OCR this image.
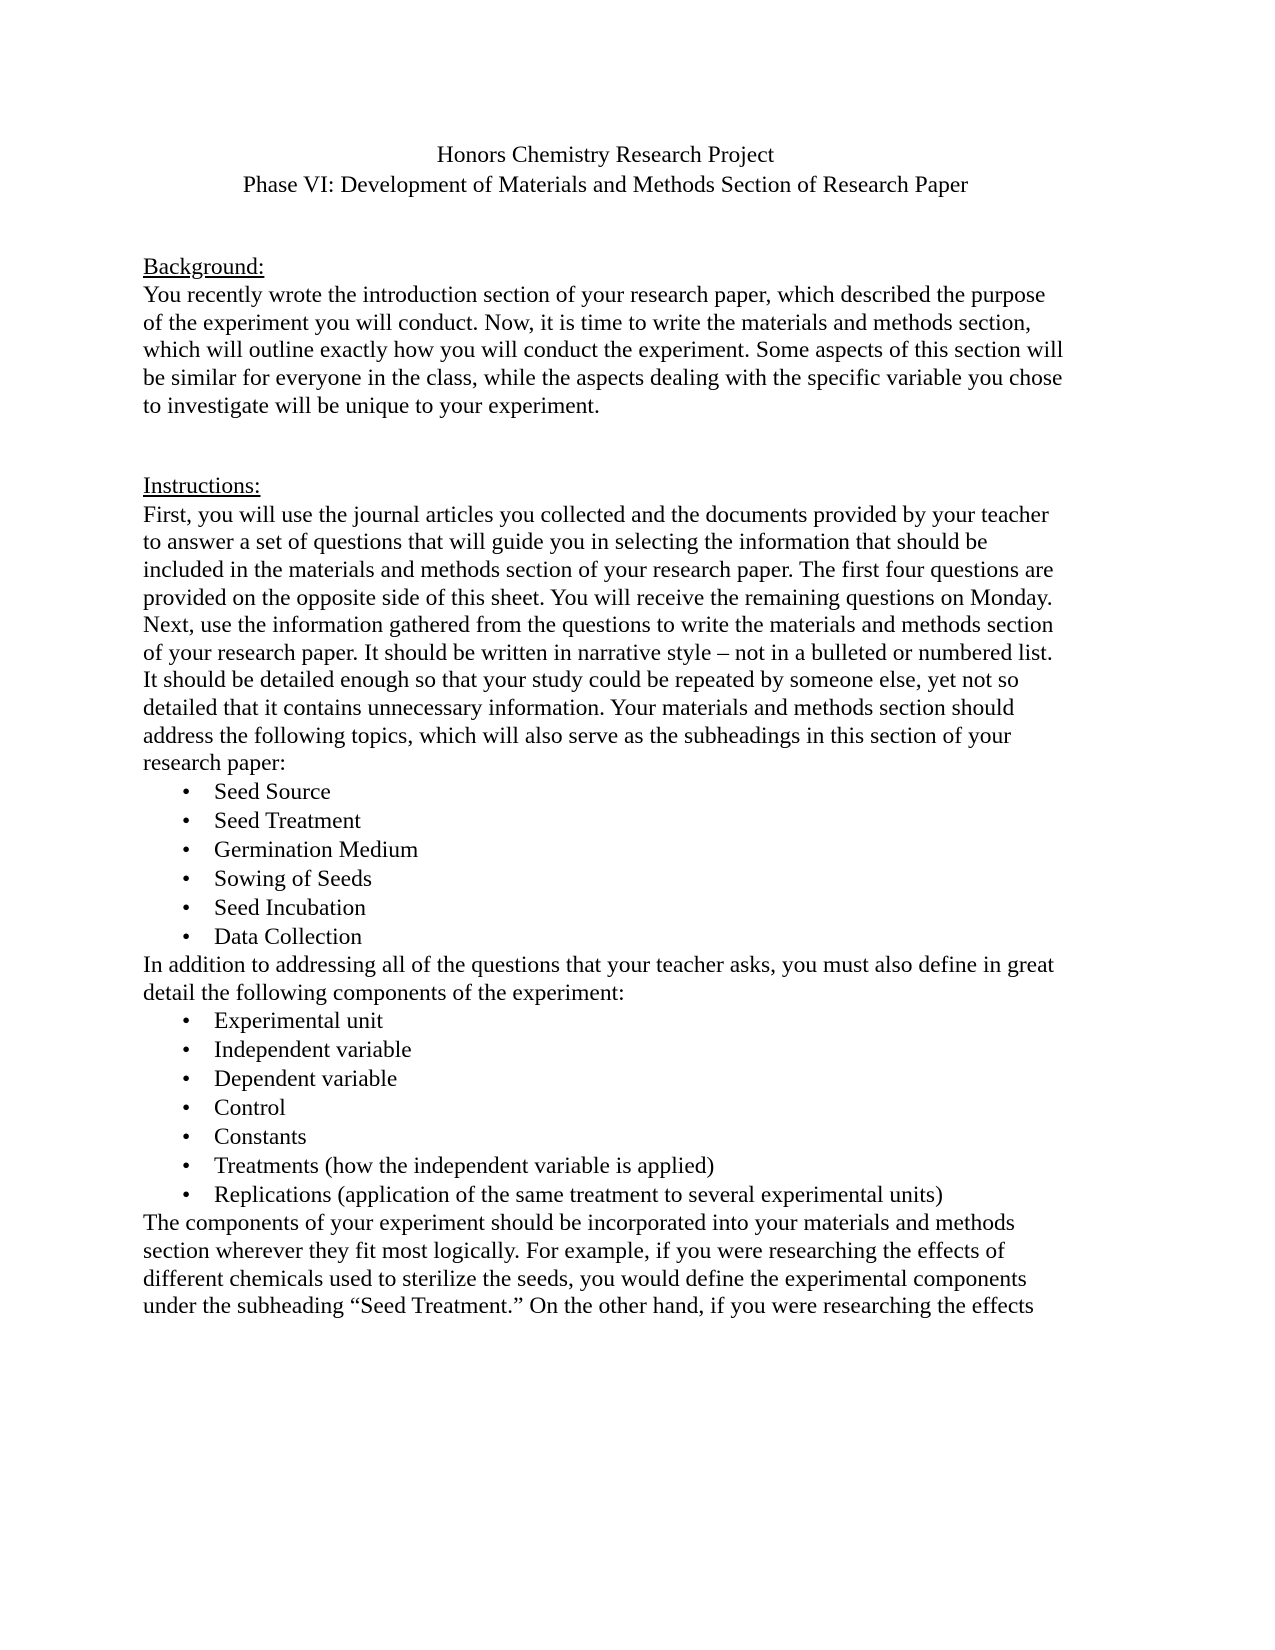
Honors Chemistry Research Project
Phase VI: Development of Materials and Methods Section of Research Paper
Background:

You recently wrote the introduction section of your research paper, which described the purpose of the experiment you will conduct. Now, it is time to write the materials and methods section, which will outline exactly how you will conduct the experiment. Some aspects of this section will be similar for everyone in the class, while the aspects dealing with the specific variable you chose to investigate will be unique to your experiment.

Instructions:

First, you will use the journal articles you collected and the documents provided by your teacher to answer a set of questions that will guide you in selecting the information that should be included in the materials and methods section of your research paper. The first four questions are provided on the opposite side of this sheet. You will receive the remaining questions on Monday.

Next, use the information gathered from the questions to write the materials and methods section of your research paper. It should be written in narrative style – not in a bulleted or numbered list. It should be detailed enough so that your study could be repeated by someone else, yet not so detailed that it contains unnecessary information. Your materials and methods section should address the following topics, which will also serve as the subheadings in this section of your research paper:

• Seed Source
• Seed Treatment
• Germination Medium
• Sowing of Seeds
• Seed Incubation
• Data Collection

In addition to addressing all of the questions that your teacher asks, you must also define in great detail the following components of the experiment:

• Experimental unit
• Independent variable
• Dependent variable
• Control
• Constants
• Treatments (how the independent variable is applied)
• Replications (application of the same treatment to several experimental units)

The components of your experiment should be incorporated into your materials and methods section wherever they fit most logically. For example, if you were researching the effects of different chemicals used to sterilize the seeds, you would define the experimental components under the subheading “Seed Treatment.” On the other hand, if you were researching the effects
